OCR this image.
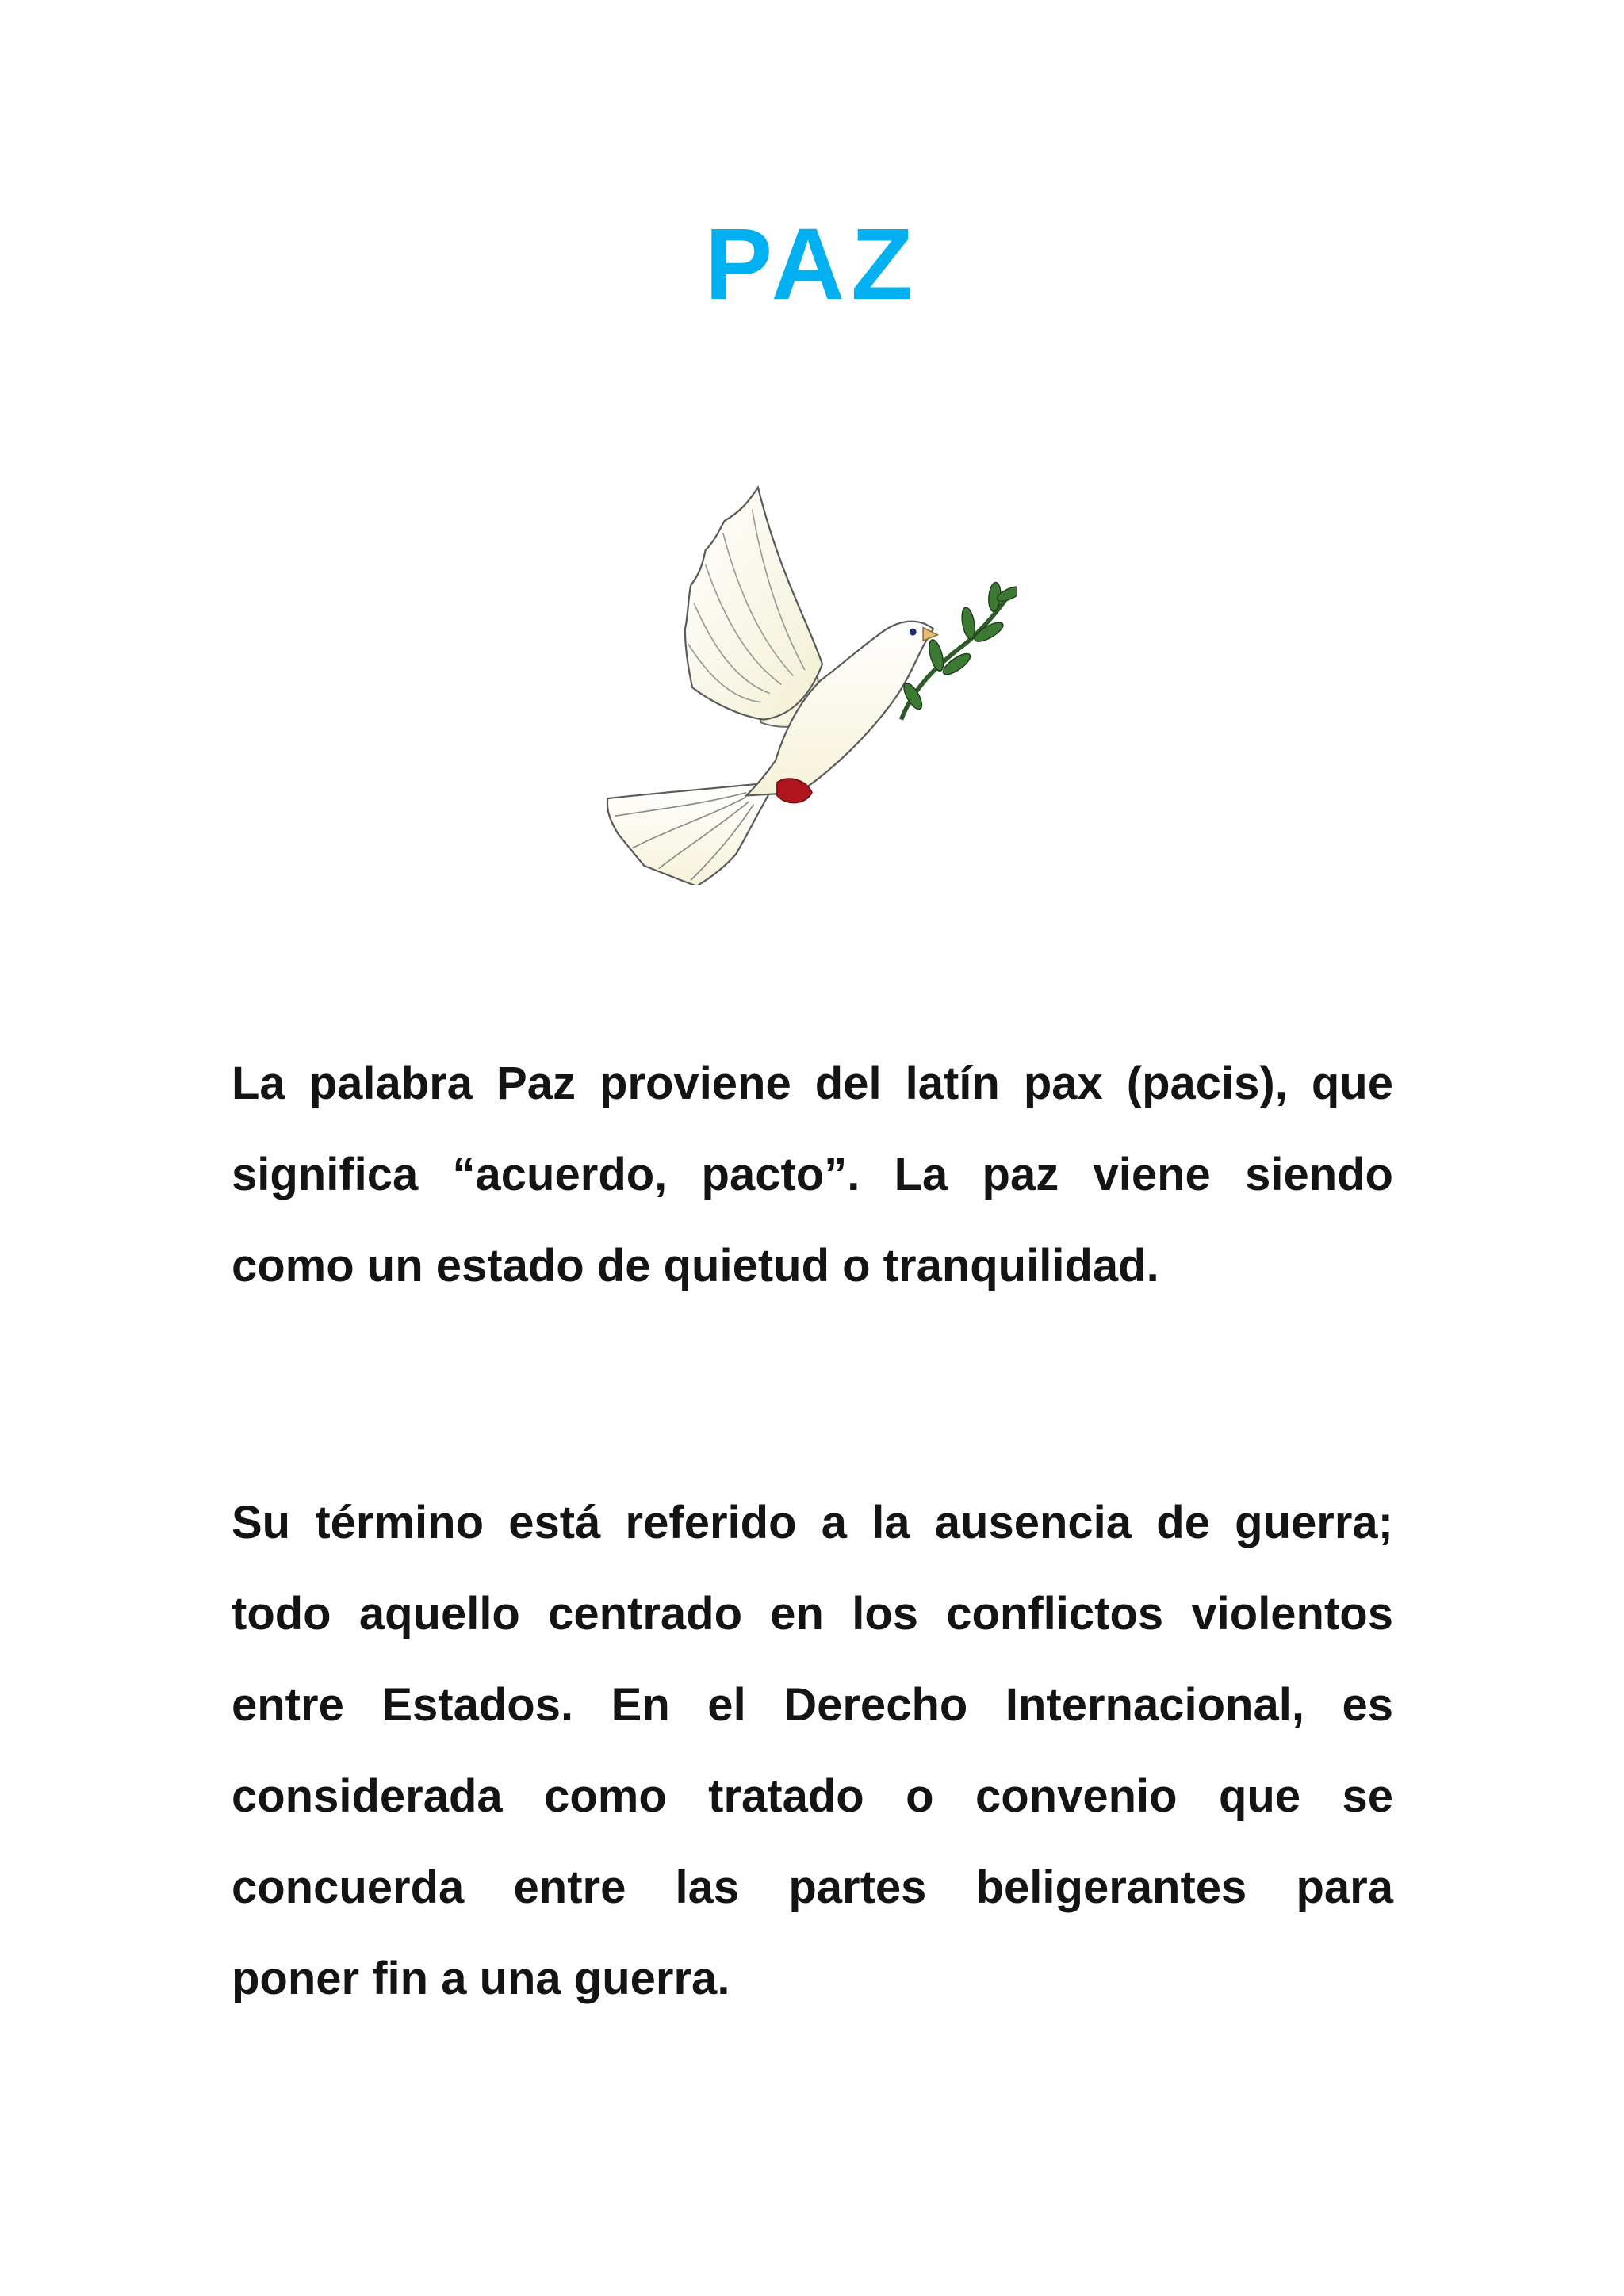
PAZ
La palabra Paz proviene del latín pax (pacis), que
significa “acuerdo, pacto”. La paz viene siendo
como un estado de quietud o tranquilidad.
Su término está referido a la ausencia de guerra;
todo aquello centrado en los conflictos violentos
entre Estados. En el Derecho Internacional, es
considerada como tratado o convenio que se
concuerda entre las partes beligerantes para
poner fin a una guerra.
